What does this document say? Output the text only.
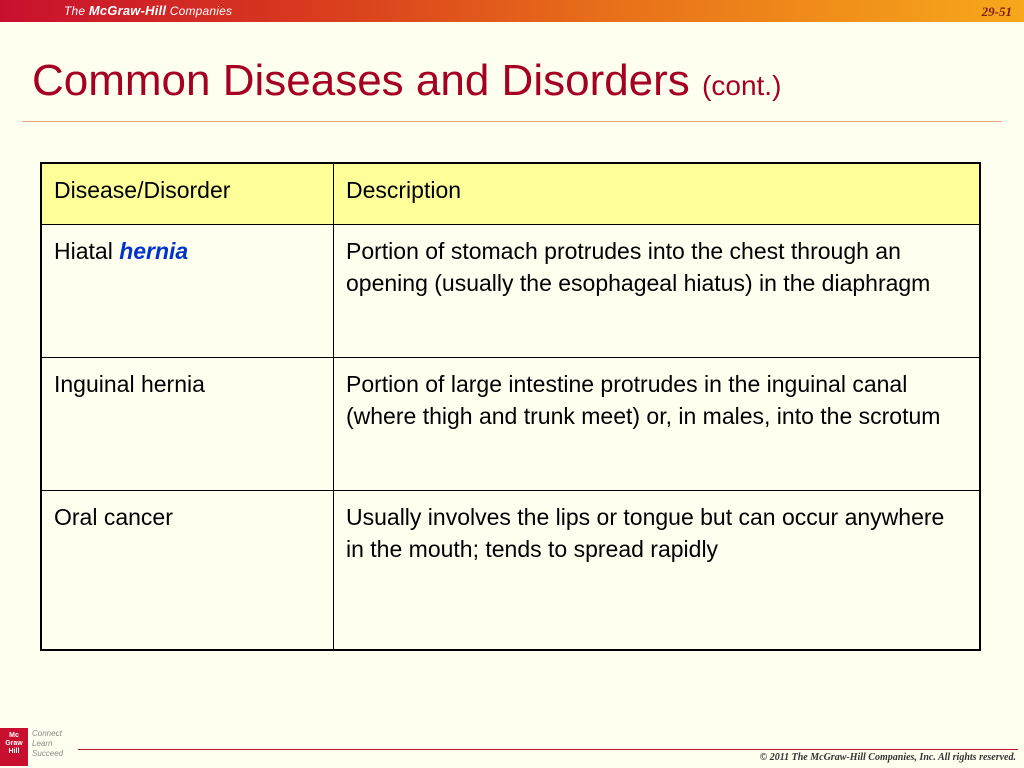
The McGraw-Hill Companies	29-51
Common Diseases and Disorders (cont.)
Disease/Disorder	Description
Hiatal hernia	Portion of stomach protrudes into the chest through an opening (usually the esophageal hiatus) in the diaphragm
Inguinal hernia	Portion of large intestine protrudes in the inguinal canal (where thigh and trunk meet) or, in males, into the scrotum
Oral cancer	Usually involves the lips or tongue but can occur anywhere in the mouth; tends to spread rapidly
Mc Graw Hill
Connect
Learn
Succeed	© 2011 The McGraw-Hill Companies, Inc. All rights reserved.
